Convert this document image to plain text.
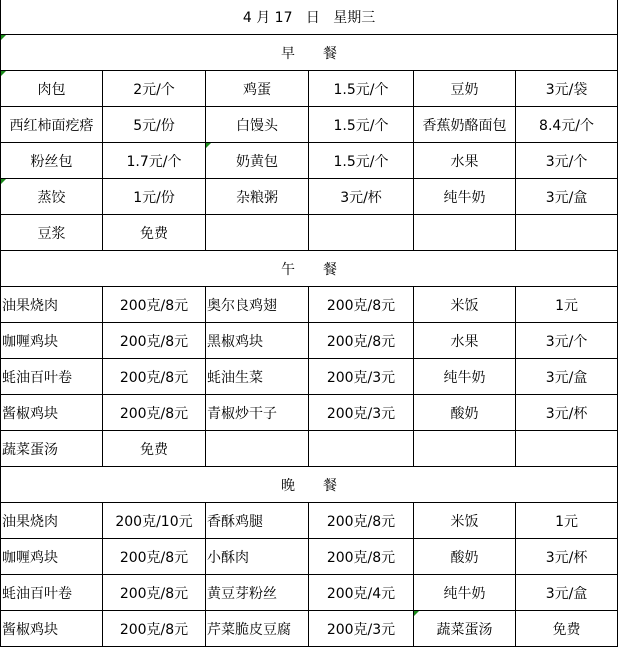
4 月 17 日 星期三					
早 餐					
肉包	2元/个	鸡蛋	1.5元/个	豆奶	3元/袋
西红柿面疙瘩	5元/份	白馒头	1.5元/个	香蕉奶酪面包	8.4元/个
粉丝包	1.7元/个	奶黄包	1.5元/个	水果	3元/个
蒸饺	1元/份	杂粮粥	3元/杯	纯牛奶	3元/盒
豆浆	免费				
午 餐					
油果烧肉	200克/8元	奥尔良鸡翅	200克/8元	米饭	1元
咖喱鸡块	200克/8元	黑椒鸡块	200克/8元	水果	3元/个
蚝油百叶卷	200克/8元	蚝油生菜	200克/3元	纯牛奶	3元/盒
酱椒鸡块	200克/8元	青椒炒干子	200克/3元	酸奶	3元/杯
蔬菜蛋汤	免费				
晚 餐					
油果烧肉	200克/10元	香酥鸡腿	200克/8元	米饭	1元
咖喱鸡块	200克/8元	小酥肉	200克/8元	酸奶	3元/杯
蚝油百叶卷	200克/8元	黄豆芽粉丝	200克/4元	纯牛奶	3元/盒
酱椒鸡块	200克/8元	芹菜脆皮豆腐	200克/3元	蔬菜蛋汤	免费
